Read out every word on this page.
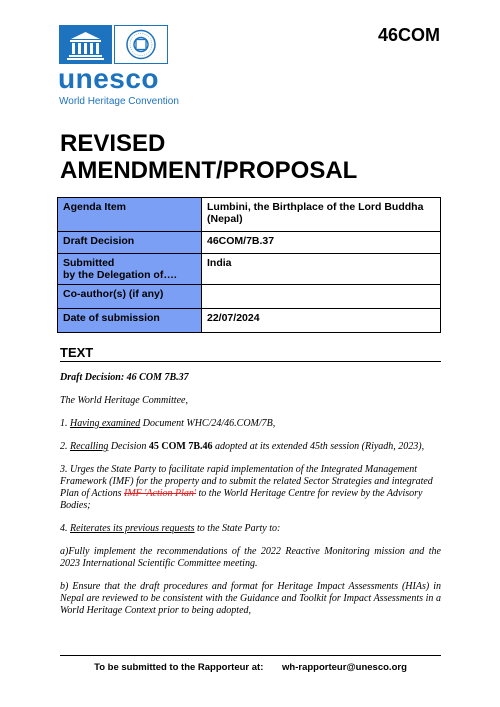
unesco
World Heritage Convention
46COM
REVISED
AMENDMENT/PROPOSAL
Agenda Item	Lumbini, the Birthplace of the Lord Buddha (Nepal)
Draft Decision	46COM/7B.37

Submitted
by the Delegation of….	India
Co-author(s) (if any)	
Date of submission	22/07/2024
TEXT

Draft Decision: 46 COM 7B.37

The World Heritage Committee,

1. Having examined Document WHC/24/46.COM/7B,

2. Recalling Decision 45 COM 7B.46 adopted at its extended 45th session (Riyadh, 2023),

3. Urges the State Party to facilitate rapid implementation of the Integrated Management Framework (IMF) for the property and to submit the related Sector Strategies and integrated Plan of Actions IMF 'Action Plan' to the World Heritage Centre for review by the Advisory Bodies;

4. Reiterates its previous requests to the State Party to:

a)Fully implement the recommendations of the 2022 Reactive Monitoring mission and the 2023 International Scientific Committee meeting.

b) Ensure that the draft procedures and format for Heritage Impact Assessments (HIAs) in Nepal are reviewed to be consistent with the Guidance and Toolkit for Impact Assessments in a World Heritage Context prior to being adopted,

To be submitted to the Rapporteur at: wh-rapporteur@unesco.org
